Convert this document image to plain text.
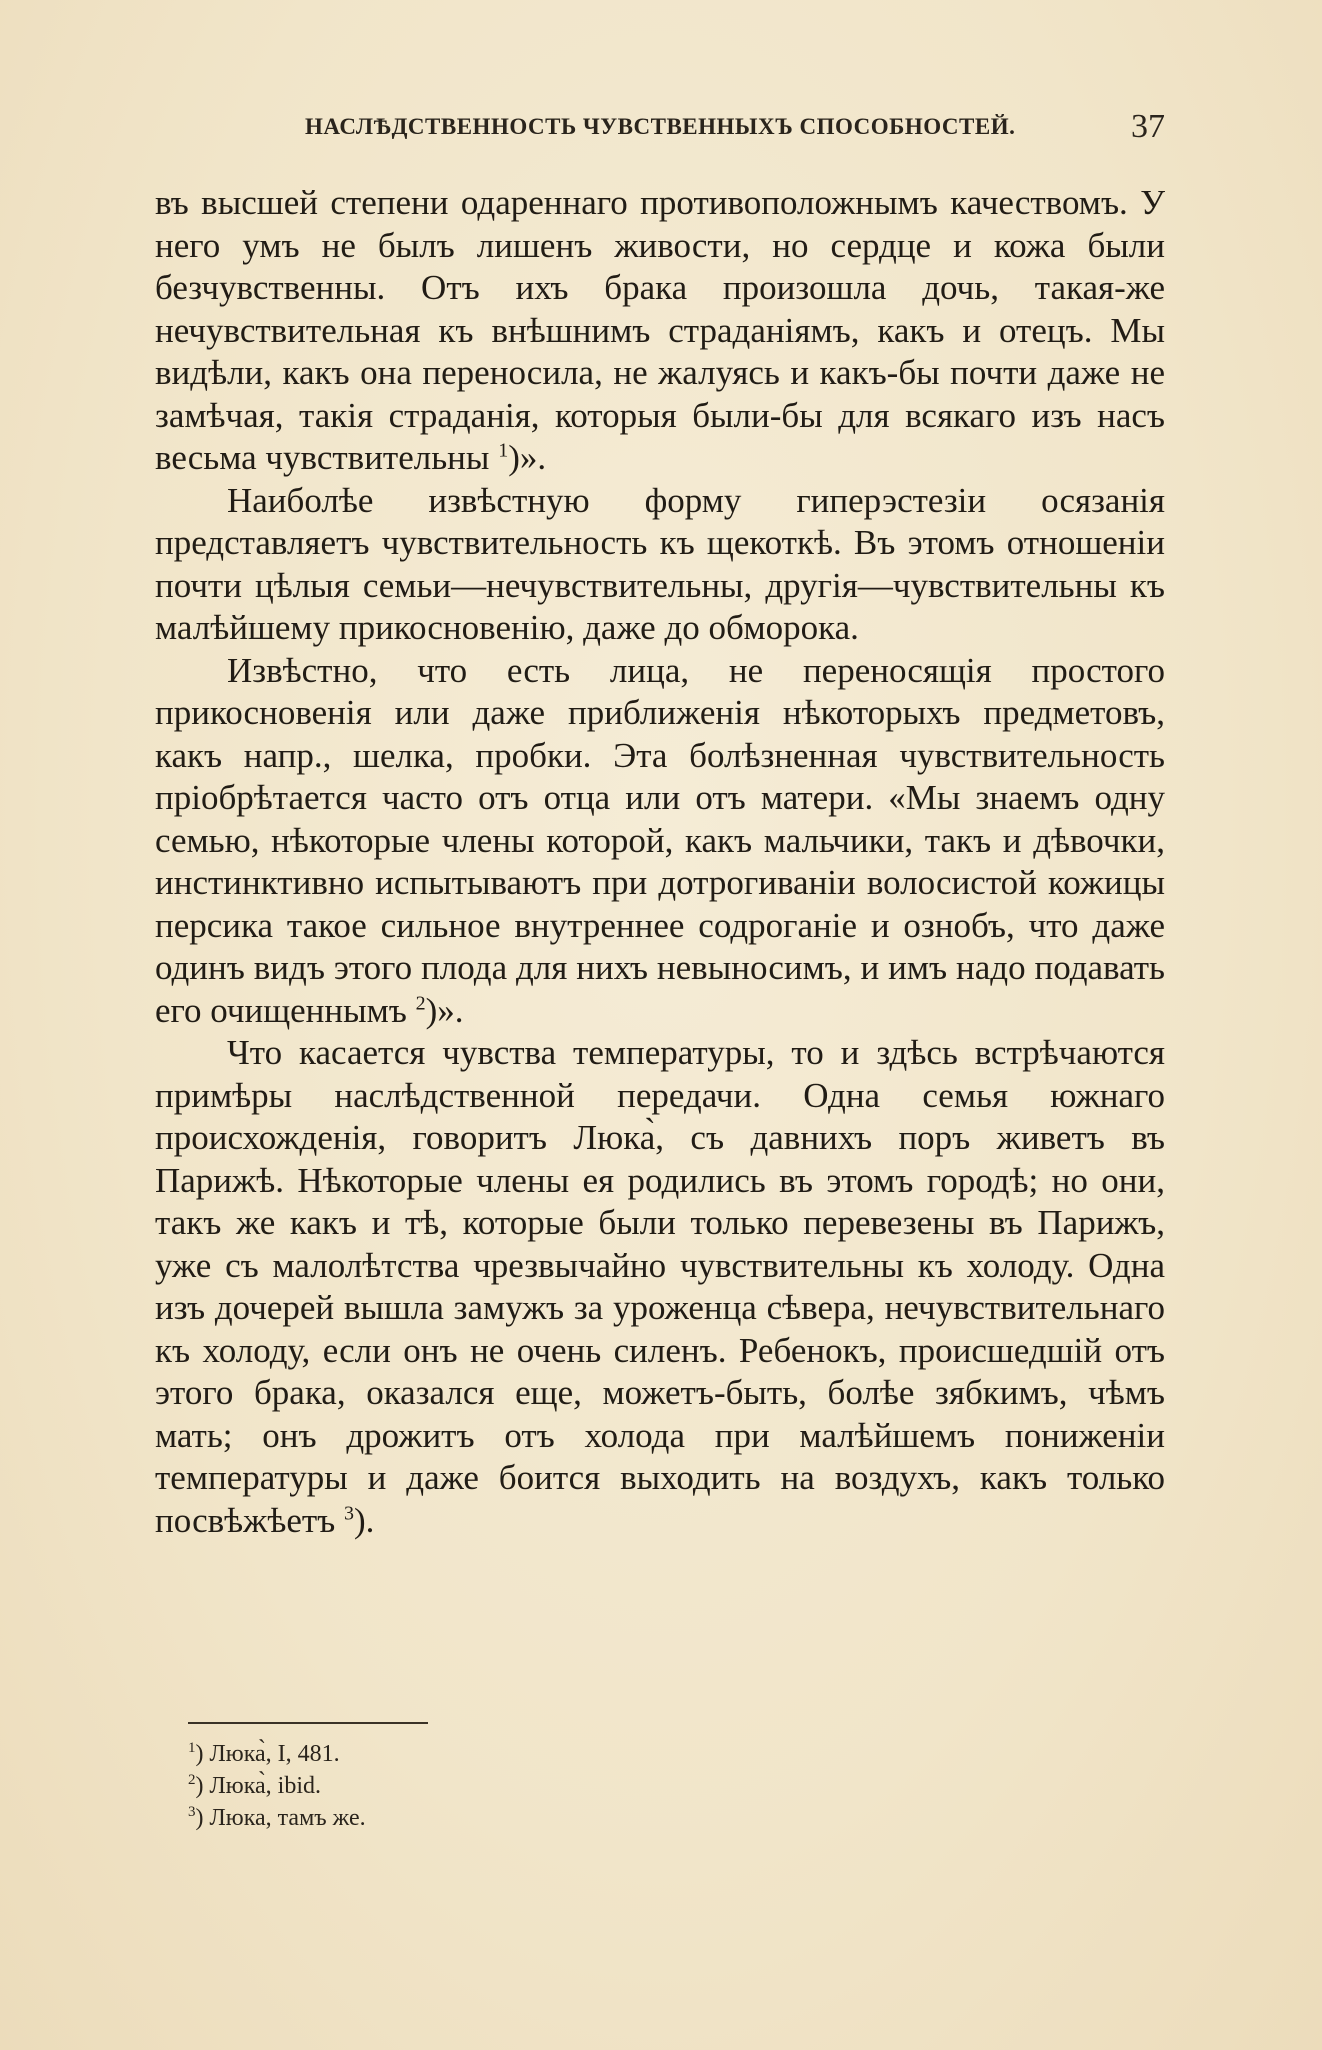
НАСЛѢДСТВЕННОСТЬ ЧУВСТВЕННЫХЪ СПОСОБНОСТЕЙ.	37

въ высшей степени одареннаго противоположнымъ качествомъ. У него умъ не былъ лишенъ живости, но сердце и кожа были безчувственны. Отъ ихъ брака произошла дочь, такая-же нечувствительная къ внѣшнимъ страданiямъ, какъ и отецъ. Мы видѣли, какъ она переносила, не жалуясь и какъ-бы почти даже не замѣчая, такiя страданiя, которыя были-бы для всякаго изъ насъ весьма чувствительны $^1$)».

Наиболѣе извѣстную форму гиперэстезiи осязанiя представляетъ чувствительность къ щекоткѣ. Въ этомъ отношенiи почти цѣлыя семьи—нечувствительны, другiя—чувствительны къ малѣйшему прикосновенiю, даже до обморока.

Извѣстно, что есть лица, не переносящiя простого прикосновенiя или даже приближенiя нѣкоторыхъ предметовъ, какъ напр., шелка, пробки. Эта болѣзненная чувствительность прiобрѣтается часто отъ отца или отъ матери. «Мы знаемъ одну семью, нѣкоторые члены которой, какъ мальчики, такъ и дѣвочки, инстинктивно испытываютъ при дотрогиванiи волосистой кожицы персика такое сильное внутреннее содроганiе и ознобъ, что даже одинъ видъ этого плода для нихъ невыносимъ, и имъ надо подавать его очищеннымъ $^2$)».

Что касается чувства температуры, то и здѣсь встрѣчаются примѣры наслѣдственной передачи. Одна семья южнаго происхожденiя, говоритъ Люка̀, съ давнихъ поръ живетъ въ Парижѣ. Нѣкоторые члены ея родились въ этомъ городѣ; но они, такъ же какъ и тѣ, которые были только перевезены въ Парижъ, уже съ малолѣтства чрезвычайно чувствительны къ холоду. Одна изъ дочерей вышла замужъ за уроженца сѣвера, нечувствительнаго къ холоду, если онъ не очень силенъ. Ребенокъ, происшедшiй отъ этого брака, оказался еще, можетъ-быть, болѣе зябкимъ, чѣмъ мать; онъ дрожитъ отъ холода при малѣйшемъ пониженiи температуры и даже боится выходить на воздухъ, какъ только посвѣжѣетъ $^3$).

$^1$) Люка̀, I, 481.

$^2$) Люка̀, ibid.

$^3$) Люка, тамъ же.
